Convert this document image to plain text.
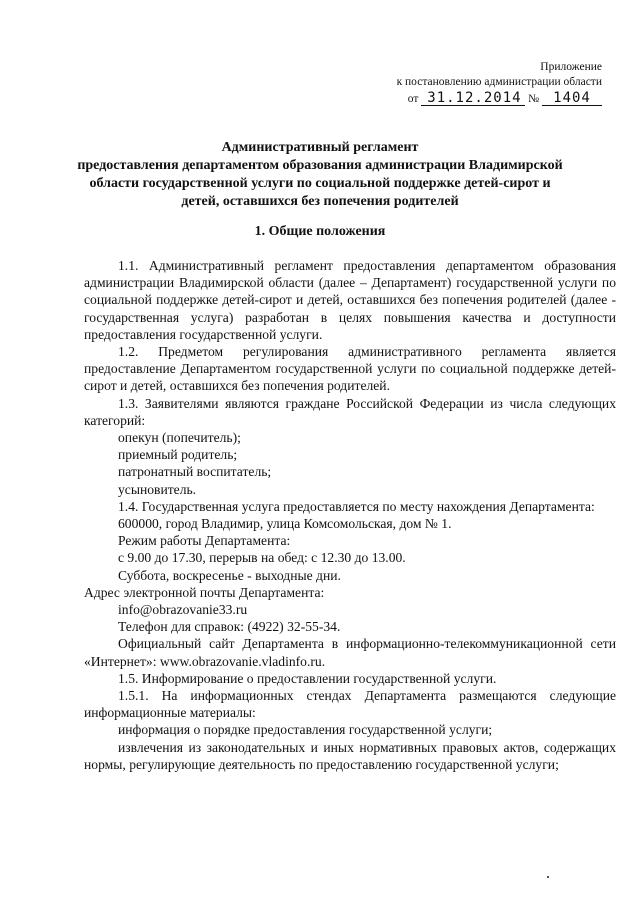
Приложение
к постановлению администрации области
от 31.12.2014 № 1404
Административный регламент
предоставления департаментом образования администрации Владимирской
области государственной услуги по социальной поддержке детей-сирот и
детей, оставшихся без попечения родителей
1. Общие положения

1.1. Административный регламент предоставления департаментом образования администрации Владимирской области (далее – Департамент) государственной услуги по социальной поддержке детей-сирот и детей, оставшихся без попечения родителей (далее - государственная услуга) разработан в целях повышения качества и доступности предоставления государственной услуги.

1.2. Предметом регулирования административного регламента является предоставление Департаментом государственной услуги по социальной поддержке детей-сирот и детей, оставшихся без попечения родителей.

1.3. Заявителями являются граждане Российской Федерации из числа следующих категорий:

опекун (попечитель);

приемный родитель;

патронатный воспитатель;

усыновитель.

1.4. Государственная услуга предоставляется по месту нахождения Департамента:

600000, город Владимир, улица Комсомольская, дом № 1.

Режим работы Департамента:

с 9.00 до 17.30, перерыв на обед: с 12.30 до 13.00.

Суббота, воскресенье - выходные дни.

Адрес электронной почты Департамента:

info@obrazovanie33.ru

Телефон для справок: (4922) 32-55-34.

Официальный сайт Департамента в информационно-телекоммуникационной сети «Интернет»: www.obrazovanie.vladinfo.ru.

1.5. Информирование о предоставлении государственной услуги.

1.5.1. На информационных стендах Департамента размещаются следующие информационные материалы:

информация о порядке предоставления государственной услуги;

извлечения из законодательных и иных нормативных правовых актов, содержащих нормы, регулирующие деятельность по предоставлению государственной услуги;
